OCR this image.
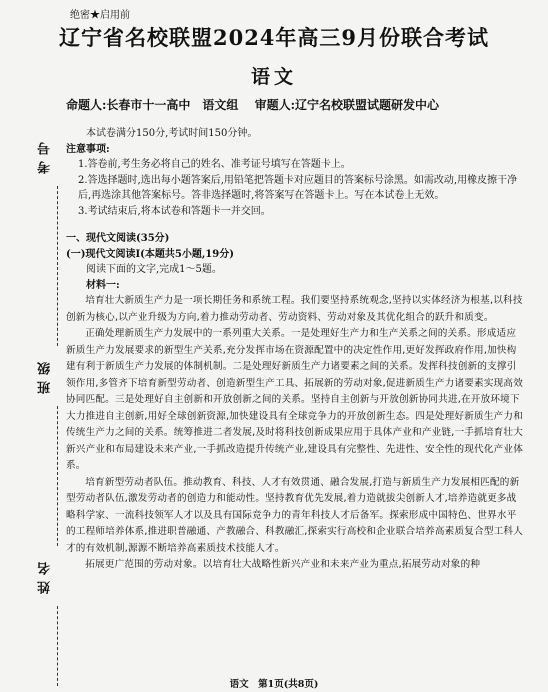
绝密★启用前
辽宁省名校联盟2024年高三9月份联合考试
语文
命题人:长春市十一高中　语文组 审题人:辽宁名校联盟试题研发中心
考号
班级
姓名

本试卷满分150分,考试时间150分钟。

注意事项:

1.答卷前,考生务必将自己的姓名、准考证号填写在答题卡上。

2.答选择题时,选出每小题答案后,用铅笔把答题卡对应题目的答案标号涂黑。如需改动,用橡皮擦干净后,再选涂其他答案标号。答非选择题时,将答案写在答题卡上。写在本试卷上无效。

3.考试结束后,将本试卷和答题卡一并交回。

一、现代文阅读(35分)

(一)现代文阅读Ⅰ(本题共5小题,19分)

阅读下面的文字,完成1～5题。

材料一:

培育壮大新质生产力是一项长期任务和系统工程。我们要坚持系统观念,坚持以实体经济为根基,以科技创新为核心,以产业升级为方向,着力推动劳动者、劳动资料、劳动对象及其优化组合的跃升和质变。

正确处理新质生产力发展中的一系列重大关系。一是处理好生产力和生产关系之间的关系。形成适应新质生产力发展要求的新型生产关系,充分发挥市场在资源配置中的决定性作用,更好发挥政府作用,加快构建有利于新质生产力发展的体制机制。二是处理好新质生产力诸要素之间的关系。发挥科技创新的支撑引领作用,多管齐下培育新型劳动者、创造新型生产工具、拓展新的劳动对象,促进新质生产力诸要素实现高效协同匹配。三是处理好自主创新和开放创新之间的关系。坚持自主创新与开放创新协同共进,在开放环境下大力推进自主创新,用好全球创新资源,加快建设具有全球竞争力的开放创新生态。四是处理好新质生产力和传统生产力之间的关系。统筹推进二者发展,及时将科技创新成果应用于具体产业和产业链,一手抓培育壮大新兴产业和布局建设未来产业,一手抓改造提升传统产业,建设具有完整性、先进性、安全性的现代化产业体系。

培育新型劳动者队伍。推动教育、科技、人才有效贯通、融合发展,打造与新质生产力发展相匹配的新型劳动者队伍,激发劳动者的创造力和能动性。坚持教育优先发展,着力造就拔尖创新人才,培养造就更多战略科学家、一流科技领军人才以及具有国际竞争力的青年科技人才后备军。探索形成中国特色、世界水平的工程师培养体系,推进职普融通、产教融合、科教融汇,探索实行高校和企业联合培养高素质复合型工科人才的有效机制,源源不断培养高素质技术技能人才。

拓展更广范围的劳动对象。以培育壮大战略性新兴产业和未来产业为重点,拓展劳动对象的种

语文　第1页(共8页)
